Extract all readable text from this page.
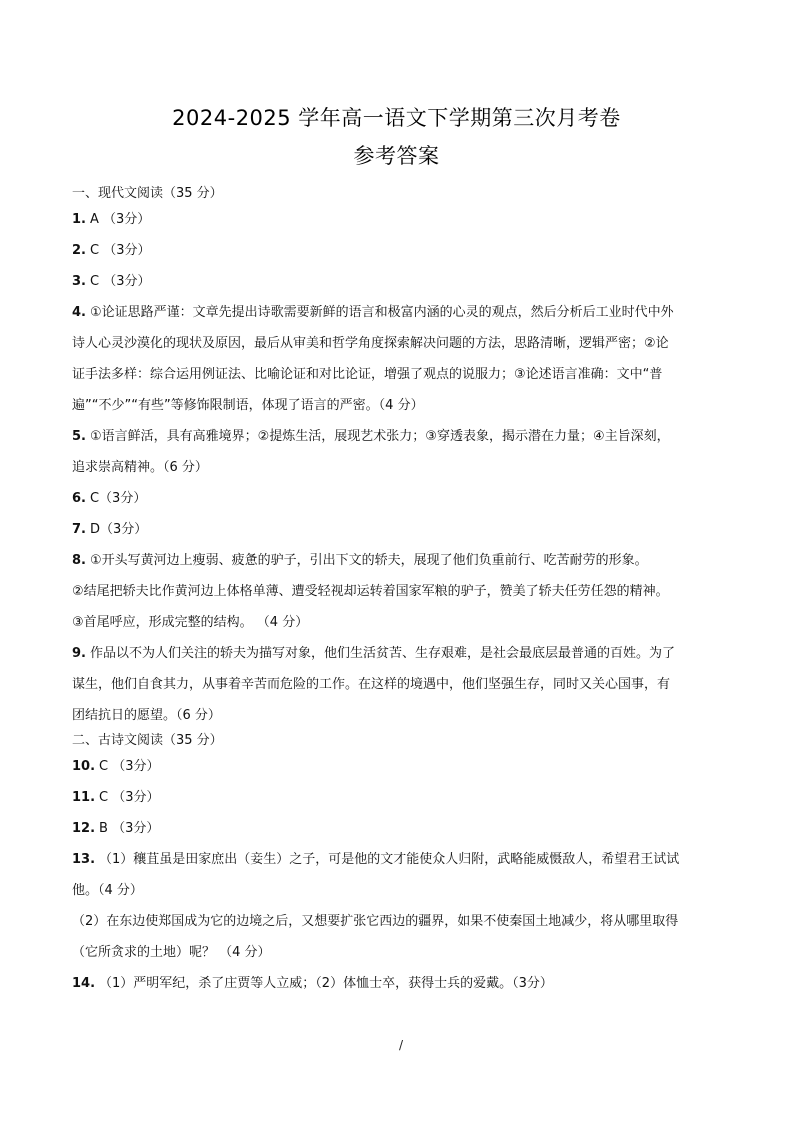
2024-2025 学年高一语文下学期第三次月考卷
参考答案
一、现代文阅读（35 分）
1. A （3分）
2. C （3分）
3. C （3分）
4. ①论证思路严谨：文章先提出诗歌需要新鲜的语言和极富内涵的心灵的观点，然后分析后工业时代中外
诗人心灵沙漠化的现状及原因，最后从审美和哲学角度探索解决问题的方法，思路清晰，逻辑严密；②论
证手法多样：综合运用例证法、比喻论证和对比论证，增强了观点的说服力；③论述语言准确：文中“普
遍”“不少”“有些”等修饰限制语，体现了语言的严密。（4 分）
5. ①语言鲜活，具有高雅境界；②提炼生活，展现艺术张力；③穿透表象，揭示潜在力量；④主旨深刻，
追求崇高精神。（6 分）
6. C（3分）
7. D（3分）
8. ①开头写黄河边上瘦弱、疲惫的驴子，引出下文的轿夫，展现了他们负重前行、吃苦耐劳的形象。
②结尾把轿夫比作黄河边上体格单薄、遭受轻视却运转着国家军粮的驴子，赞美了轿夫任劳任怨的精神。
③首尾呼应，形成完整的结构。 （4 分）
9. 作品以不为人们关注的轿夫为描写对象，他们生活贫苦、生存艰难，是社会最底层最普通的百姓。为了
谋生，他们自食其力，从事着辛苦而危险的工作。在这样的境遇中，他们坚强生存，同时又关心国事，有
团结抗日的愿望。（6 分）
二、古诗文阅读（35 分）
10. C （3分）
11. C （3分）
12. B （3分）
13. （1）穰苴虽是田家庶出（妾生）之子，可是他的文才能使众人归附，武略能威慑敌人，希望君王试试
他。（4 分）
（2）在东边使郑国成为它的边境之后，又想要扩张它西边的疆界，如果不使秦国土地减少，将从哪里取得
（它所贪求的土地）呢？ （4 分）
14. （1）严明军纪，杀了庄贾等人立威；（2）体恤士卒，获得士兵的爱戴。（3分）
/
